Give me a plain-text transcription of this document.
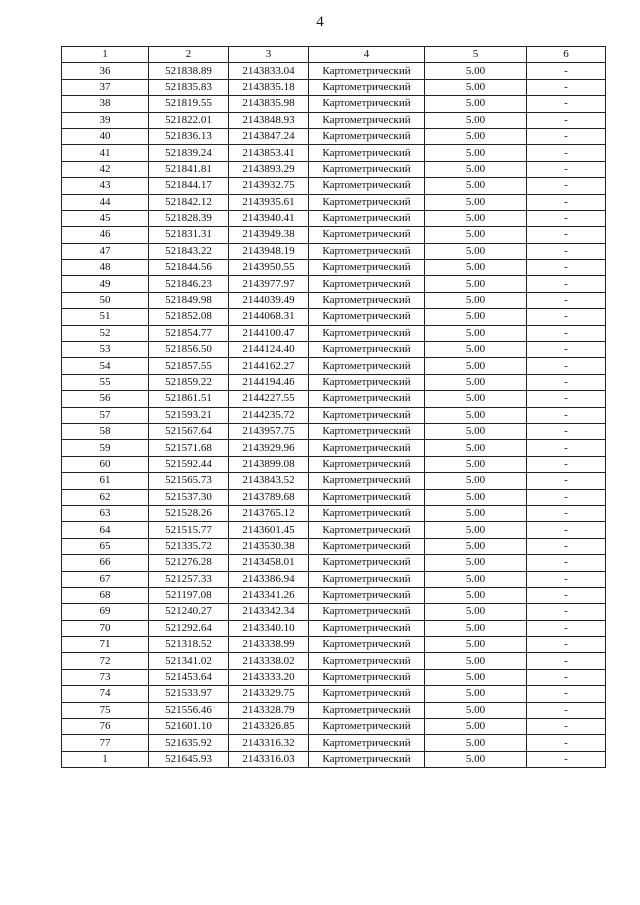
4
1	2	3	4	5	6
36	521838.89	2143833.04	Картометрический	5.00	-
37	521835.83	2143835.18	Картометрический	5.00	-
38	521819.55	2143835.98	Картометрический	5.00	-
39	521822.01	2143848.93	Картометрический	5.00	-
40	521836.13	2143847.24	Картометрический	5.00	-
41	521839.24	2143853.41	Картометрический	5.00	-
42	521841.81	2143893.29	Картометрический	5.00	-
43	521844.17	2143932.75	Картометрический	5.00	-
44	521842.12	2143935.61	Картометрический	5.00	-
45	521828.39	2143940.41	Картометрический	5.00	-
46	521831.31	2143949.38	Картометрический	5.00	-
47	521843.22	2143948.19	Картометрический	5.00	-
48	521844.56	2143950.55	Картометрический	5.00	-
49	521846.23	2143977.97	Картометрический	5.00	-
50	521849.98	2144039.49	Картометрический	5.00	-
51	521852.08	2144068.31	Картометрический	5.00	-
52	521854.77	2144100.47	Картометрический	5.00	-
53	521856.50	2144124.40	Картометрический	5.00	-
54	521857.55	2144162.27	Картометрический	5.00	-
55	521859.22	2144194.46	Картометрический	5.00	-
56	521861.51	2144227.55	Картометрический	5.00	-
57	521593.21	2144235.72	Картометрический	5.00	-
58	521567.64	2143957.75	Картометрический	5.00	-
59	521571.68	2143929.96	Картометрический	5.00	-
60	521592.44	2143899.08	Картометрический	5.00	-
61	521565.73	2143843.52	Картометрический	5.00	-
62	521537.30	2143789.68	Картометрический	5.00	-
63	521528.26	2143765.12	Картометрический	5.00	-
64	521515.77	2143601.45	Картометрический	5.00	-
65	521335.72	2143530.38	Картометрический	5.00	-
66	521276.28	2143458.01	Картометрический	5.00	-
67	521257.33	2143386.94	Картометрический	5.00	-
68	521197.08	2143341.26	Картометрический	5.00	-
69	521240.27	2143342.34	Картометрический	5.00	-
70	521292.64	2143340.10	Картометрический	5.00	-
71	521318.52	2143338.99	Картометрический	5.00	-
72	521341.02	2143338.02	Картометрический	5.00	-
73	521453.64	2143333.20	Картометрический	5.00	-
74	521533.97	2143329.75	Картометрический	5.00	-
75	521556.46	2143328.79	Картометрический	5.00	-
76	521601.10	2143326.85	Картометрический	5.00	-
77	521635.92	2143316.32	Картометрический	5.00	-
1	521645.93	2143316.03	Картометрический	5.00	-
